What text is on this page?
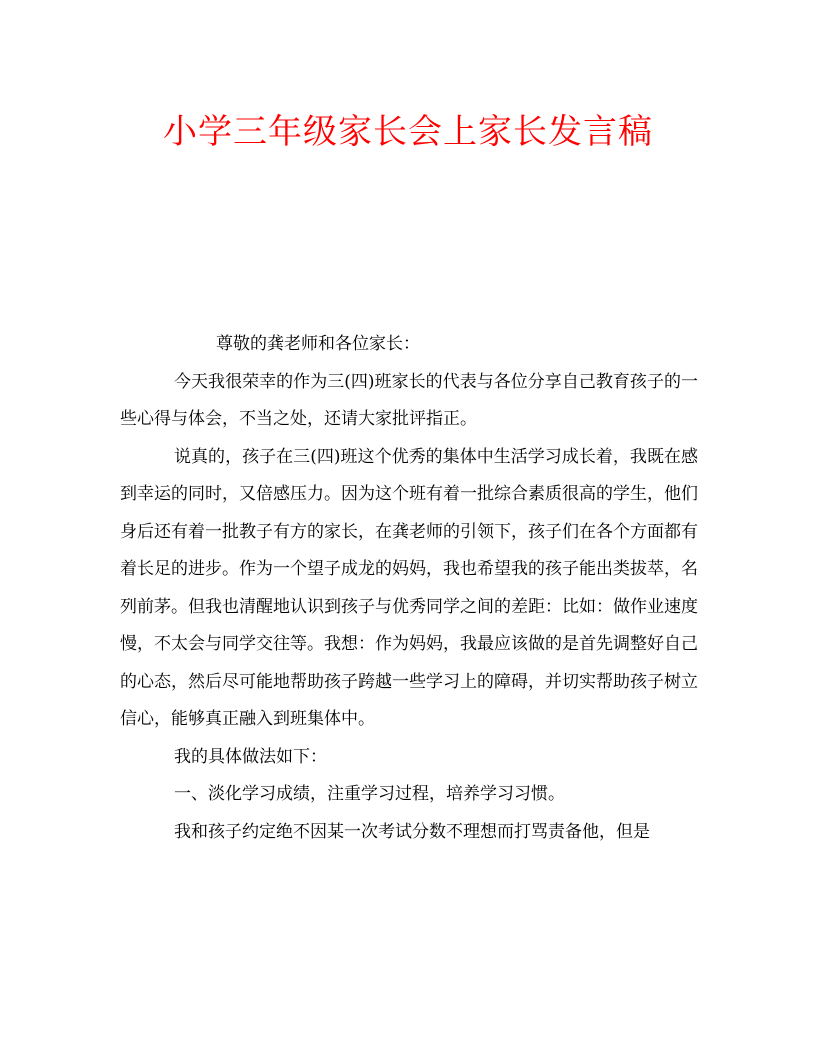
小学三年级家长会上家长发言稿

尊敬的龚老师和各位家长：

今天我很荣幸的作为三(四)班家长的代表与各位分享自己教育孩子的一些心得与体会，不当之处，还请大家批评指正。

说真的，孩子在三(四)班这个优秀的集体中生活学习成长着，我既在感到幸运的同时，又倍感压力。因为这个班有着一批综合素质很高的学生，他们身后还有着一批教子有方的家长，在龚老师的引领下，孩子们在各个方面都有着长足的进步。作为一个望子成龙的妈妈，我也希望我的孩子能出类拔萃，名列前茅。但我也清醒地认识到孩子与优秀同学之间的差距：比如：做作业速度慢，不太会与同学交往等。我想：作为妈妈，我最应该做的是首先调整好自己的心态，然后尽可能地帮助孩子跨越一些学习上的障碍，并切实帮助孩子树立信心，能够真正融入到班集体中。

我的具体做法如下：

一、淡化学习成绩，注重学习过程，培养学习习惯。

我和孩子约定绝不因某一次考试分数不理想而打骂责备他，但是
